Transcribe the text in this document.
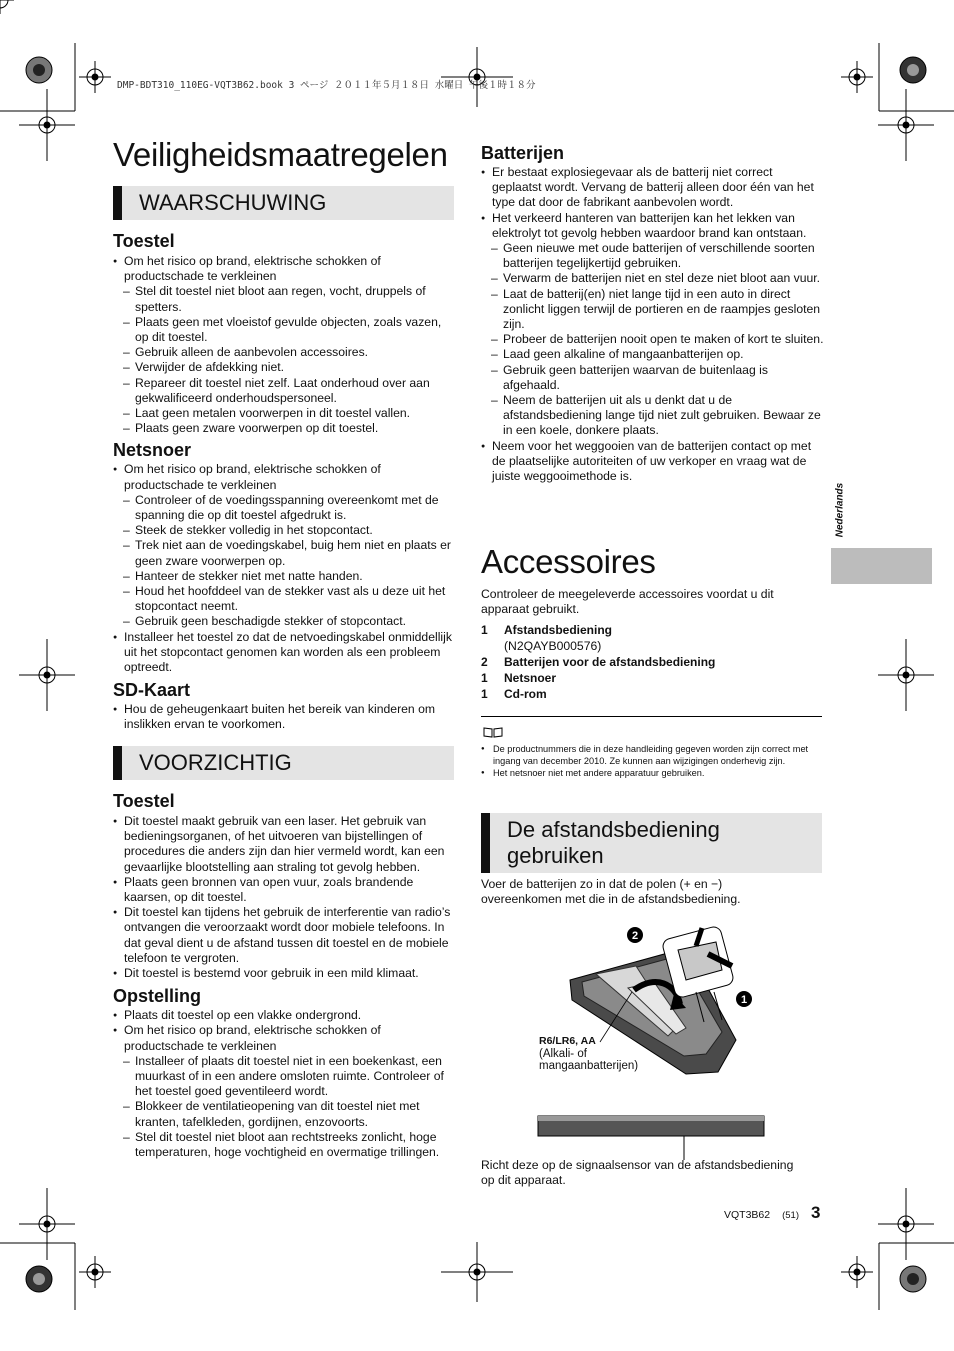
DMP-BDT310_110EG-VQT3B62.book 3 ページ ２０１１年５月１８日 水曜日 午後１時１８分
Veiligheidsmaatregelen
WAARSCHUWING
Toestel
● Om het risico op brand, elektrische schokken of productschade te verkleinen
– Stel dit toestel niet bloot aan regen, vocht, druppels of spetters.
– Plaats geen met vloeistof gevulde objecten, zoals vazen, op dit toestel.
– Gebruik alleen de aanbevolen accessoires.
– Verwijder de afdekking niet.
– Repareer dit toestel niet zelf. Laat onderhoud over aan gekwalificeerd onderhoudspersoneel.
– Laat geen metalen voorwerpen in dit toestel vallen.
– Plaats geen zware voorwerpen op dit toestel.
Netsnoer
● Om het risico op brand, elektrische schokken of productschade te verkleinen
– Controleer of de voedingsspanning overeenkomt met de spanning die op dit toestel afgedrukt is.
– Steek de stekker volledig in het stopcontact.
– Trek niet aan de voedingskabel, buig hem niet en plaats er geen zware voorwerpen op.
– Hanteer de stekker niet met natte handen.
– Houd het hoofddeel van de stekker vast als u deze uit het stopcontact neemt.
– Gebruik geen beschadigde stekker of stopcontact.
● Installeer het toestel zo dat de netvoedingskabel onmiddellijk uit het stopcontact genomen kan worden als een probleem optreedt.
SD-Kaart
● Hou de geheugenkaart buiten het bereik van kinderen om inslikken ervan te voorkomen.
VOORZICHTIG
Toestel
● Dit toestel maakt gebruik van een laser. Het gebruik van bedieningsorganen, of het uitvoeren van bijstellingen of procedures die anders zijn dan hier vermeld wordt, kan een gevaarlijke blootstelling aan straling tot gevolg hebben.
● Plaats geen bronnen van open vuur, zoals brandende kaarsen, op dit toestel.
● Dit toestel kan tijdens het gebruik de interferentie van radio’s ontvangen die veroorzaakt wordt door mobiele telefoons. In dat geval dient u de afstand tussen dit toestel en de mobiele telefoon te vergroten.
● Dit toestel is bestemd voor gebruik in een mild klimaat.
Opstelling
● Plaats dit toestel op een vlakke ondergrond.
● Om het risico op brand, elektrische schokken of productschade te verkleinen
– Installeer of plaats dit toestel niet in een boekenkast, een muurkast of in een andere omsloten ruimte. Controleer of het toestel goed geventileerd wordt.
– Blokkeer de ventilatieopening van dit toestel niet met kranten, tafelkleden, gordijnen, enzovoorts.
– Stel dit toestel niet bloot aan rechtstreeks zonlicht, hoge temperaturen, hoge vochtigheid en overmatige trillingen.
Batterijen
● Er bestaat explosiegevaar als de batterij niet correct geplaatst wordt. Vervang de batterij alleen door één van het type dat door de fabrikant aanbevolen wordt.
● Het verkeerd hanteren van batterijen kan het lekken van elektrolyt tot gevolg hebben waardoor brand kan ontstaan.
– Geen nieuwe met oude batterijen of verschillende soorten batterijen tegelijkertijd gebruiken.
– Verwarm de batterijen niet en stel deze niet bloot aan vuur.
– Laat de batterij(en) niet lange tijd in een auto in direct zonlicht liggen terwijl de portieren en de raampjes gesloten zijn.
– Probeer de batterijen nooit open te maken of kort te sluiten.
– Laad geen alkaline of mangaanbatterijen op.
– Gebruik geen batterijen waarvan de buitenlaag is afgehaald.
– Neem de batterijen uit als u denkt dat u de afstandsbediening lange tijd niet zult gebruiken. Bewaar ze in een koele, donkere plaats.
● Neem voor het weggooien van de batterijen contact op met de plaatselijke autoriteiten of uw verkoper en vraag wat de juiste weggooimethode is.
Accessoires
Controleer de meegeleverde accessoires voordat u dit apparaat gebruikt.
1	Afstandsbediening
(N2QAYB000576)
2	Batterijen voor de afstandsbediening
1	Netsnoer
1	Cd-rom
● De productnummers die in deze handleiding gegeven worden zijn correct met ingang van december 2010. Ze kunnen aan wijzigingen onderhevig zijn.
● Het netsnoer niet met andere apparatuur gebruiken.
De afstandsbediening
gebruiken
Voer de batterijen zo in dat de polen (+ en −)
overeenkomen met die in de afstandsbediening.
2
1
R6/LR6, AA
(Alkali- of
mangaanbatterijen)
Richt deze op de signaalsensor van de afstandsbediening
op dit apparaat.
Nederlands
VQT3B62 (51) 3
